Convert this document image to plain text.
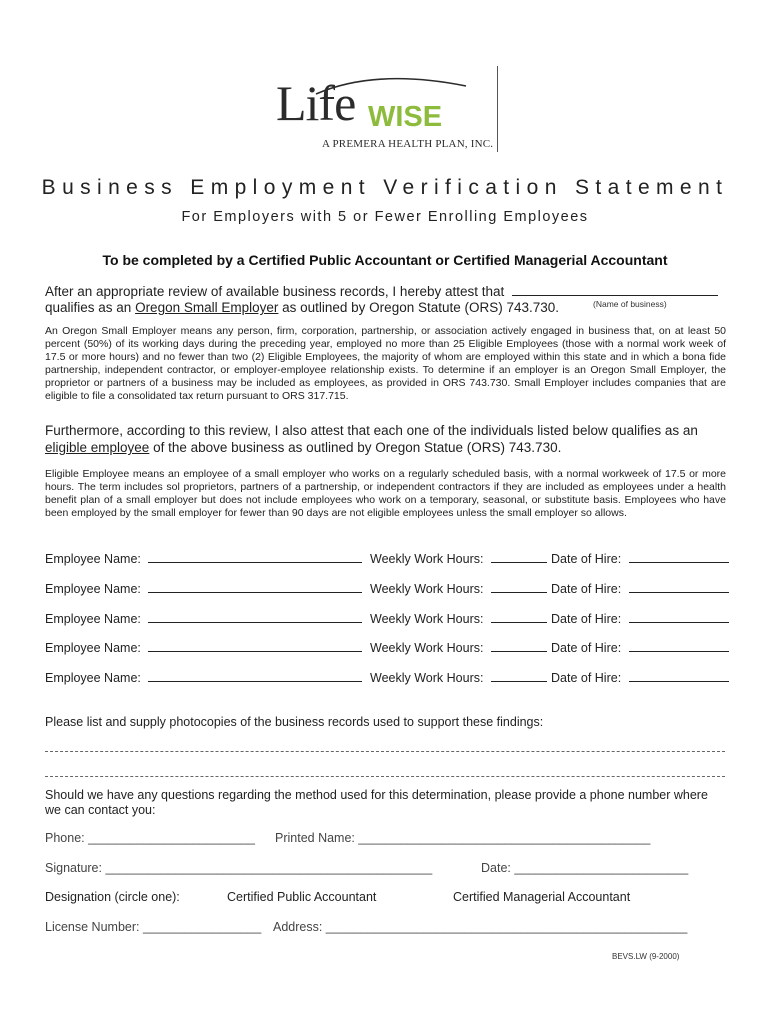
Life WISE
A PREMERA HEALTH PLAN, INC.
Business Employment Verification Statement
For Employers with 5 or Fewer Enrolling Employees
To be completed by a Certified Public Accountant or Certified Managerial Accountant
After an appropriate review of available business records, I hereby attest that
qualifies as an Oregon Small Employer as outlined by Oregon Statute (ORS) 743.730.	(Name of business)
An Oregon Small Employer means any person, firm, corporation, partnership, or association actively engaged in business that, on at least 50 percent (50%) of its working days during the preceding year, employed no more than 25 Eligible Employees (those with a normal work week of 17.5 or more hours) and no fewer than two (2) Eligible Employees, the majority of whom are employed within this state and in which a bona fide partnership, independent contractor, or employer-employee relationship exists. To determine if an employer is an Oregon Small Employer, the proprietor or partners of a business may be included as employees, as provided in ORS 743.730. Small Employer includes companies that are eligible to file a consolidated tax return pursuant to ORS 317.715.
Furthermore, according to this review, I also attest that each one of the individuals listed below qualifies as an
eligible employee of the above business as outlined by Oregon Statue (ORS) 743.730.
Eligible Employee means an employee of a small employer who works on a regularly scheduled basis, with a normal workweek of 17.5 or more hours. The term includes sol proprietors, partners of a partnership, or independent contractors if they are included as employees under a health benefit plan of a small employer but does not include employees who work on a temporary, seasonal, or substitute basis. Employees who have been employed by the small employer for fewer than 90 days are not eligible employees unless the small employer so allows.
Employee Name:	Weekly Work Hours:	Date of Hire:
Employee Name:	Weekly Work Hours:	Date of Hire:
Employee Name:	Weekly Work Hours:	Date of Hire:
Employee Name:	Weekly Work Hours:	Date of Hire:
Employee Name:	Weekly Work Hours:	Date of Hire:
Please list and supply photocopies of the business records used to support these findings:
Should we have any questions regarding the method used for this determination, please provide a phone number where we can contact you:
Phone: ________________________	Printed Name: __________________________________________
Signature: _______________________________________________	Date: _________________________
Designation (circle one):	Certified Public Accountant	Certified Managerial Accountant
License Number: _________________ Address: ____________________________________________________
BEVS.LW (9-2000)
